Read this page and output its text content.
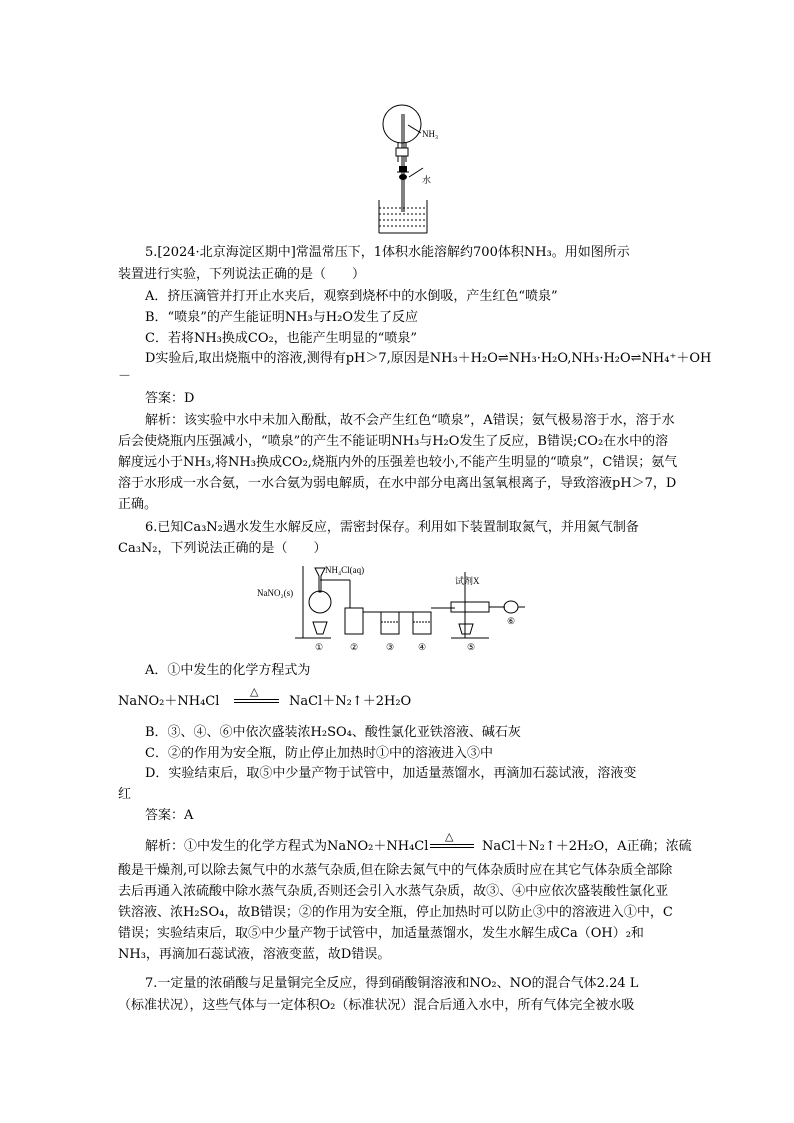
NH₃
水
5.[2024·北京海淀区期中]常温常压下，1体积水能溶解约700体积NH₃。用如图所示
装置进行实验，下列说法正确的是（　　）
A．挤压滴管并打开止水夹后，观察到烧杯中的水倒吸，产生红色“喷泉”
B．“喷泉”的产生能证明NH₃与H₂O发生了反应
C．若将NH₃换成CO₂，也能产生明显的“喷泉”
D实验后,取出烧瓶中的溶液,测得有pH＞7,原因是NH₃＋H₂O⇌NH₃·H₂O,NH₃·H₂O⇌NH₄⁺＋OH
－
答案：D
解析：该实验中水中未加入酚酞，故不会产生红色“喷泉”，A错误；氨气极易溶于水，溶于水后会使烧瓶内压强减小，“喷泉”的产生不能证明NH₃与H₂O发生了反应，B错误;CO₂在水中的溶解度远小于NH₃,将NH₃换成CO₂,烧瓶内外的压强差也较小,不能产生明显的“喷泉”，C错误；氨气溶于水形成一水合氨，一水合氨为弱电解质，在水中部分电离出氢氧根离子，导致溶液pH＞7，D正确。
6.已知Ca₃N₂遇水发生水解反应，需密封保存。利用如下装置制取氮气，并用氮气制备
Ca₃N₂，下列说法正确的是（　　）
NH₄Cl(aq)
NaNO₂(s)
试剂X
①	②	③	④	⑤
⑥
A．①中发生的化学方程式为
NaNO₂＋NH₄Cl
△
NaCl＋N₂↑＋2H₂O
B．③、④、⑥中依次盛装浓H₂SO₄、酸性氯化亚铁溶液、碱石灰
C．②的作用为安全瓶，防止停止加热时①中的溶液进入③中
D．实验结束后，取⑤中少量产物于试管中，加适量蒸馏水，再滴加石蕊试液，溶液变
红
答案：A
解析：①中发生的化学方程式为NaNO₂＋NH₄Cl
△
NaCl＋N₂↑＋2H₂O，A正确；浓硫
酸是干燥剂,可以除去氮气中的水蒸气杂质,但在除去氮气中的气体杂质时应在其它气体杂质全部除去后再通入浓硫酸中除水蒸气杂质,否则还会引入水蒸气杂质，故③、④中应依次盛装酸性氯化亚铁溶液、浓H₂SO₄，故B错误；②的作用为安全瓶，停止加热时可以防止③中的溶液进入①中，C错误；实验结束后，取⑤中少量产物于试管中，加适量蒸馏水，发生水解生成Ca（OH）₂和NH₃，再滴加石蕊试液，溶液变蓝，故D错误。
7.一定量的浓硝酸与足量铜完全反应，得到硝酸铜溶液和NO₂、NO的混合气体2.24 L
（标准状况），这些气体与一定体积O₂（标准状况）混合后通入水中，所有气体完全被水吸
